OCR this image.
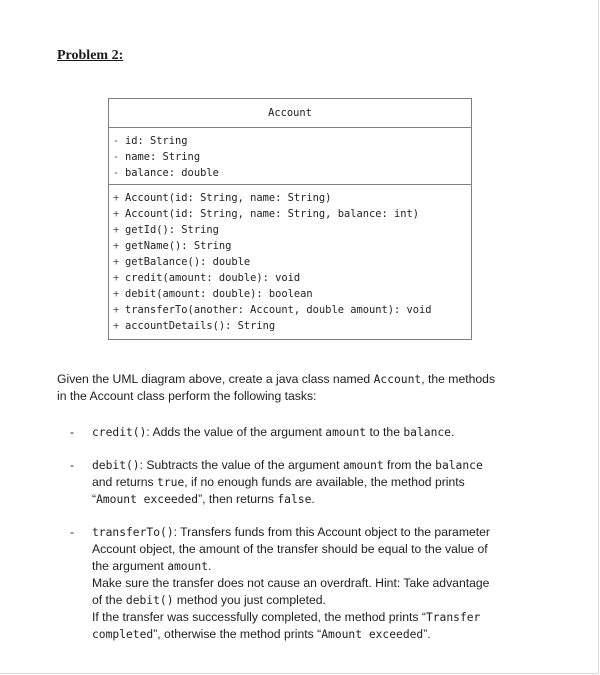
Problem 2:
Account
- id: String
- name: String
- balance: double
+ Account(id: String, name: String)
+ Account(id: String, name: String, balance: int)
+ getId(): String
+ getName(): String
+ getBalance(): double
+ credit(amount: double): void
+ debit(amount: double): boolean
+ transferTo(another: Account, double amount): void
+ accountDetails(): String
Given the UML diagram above, create a java class named Account, the methods
in the Account class perform the following tasks:
- credit(): Adds the value of the argument amount to the balance.
- debit(): Subtracts the value of the argument amount from the balance
and returns true, if no enough funds are available, the method prints
“Amount exceeded”, then returns false.
- transferTo(): Transfers funds from this Account object to the parameter
Account object, the amount of the transfer should be equal to the value of
the argument amount.
Make sure the transfer does not cause an overdraft. Hint: Take advantage
of the debit() method you just completed.
If the transfer was successfully completed, the method prints “Transfer
completed”, otherwise the method prints “Amount exceeded”.
